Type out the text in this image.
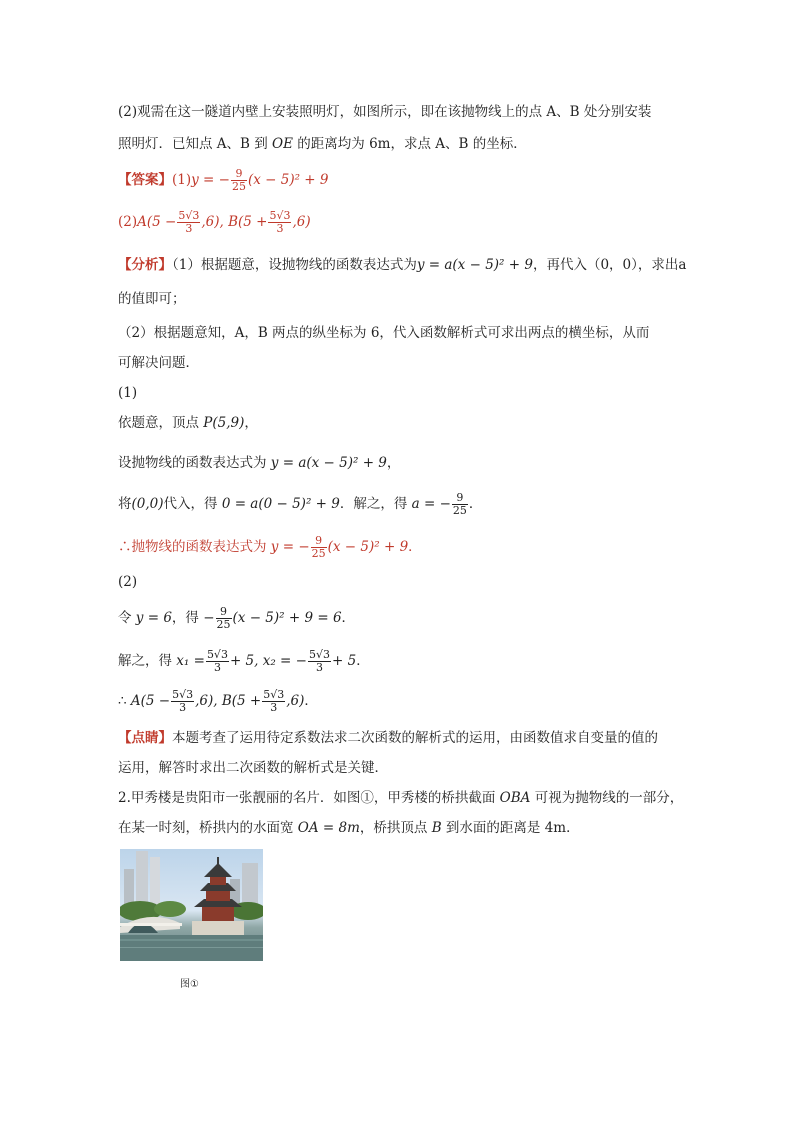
(2)观需在这一隧道内壁上安装照明灯，如图所示，即在该抛物线上的点 A、B 处分别安装
照明灯．已知点 A、B 到 OE 的距离均为 6m，求点 A、B 的坐标．
【答案】(1)y = − $\frac{9}{25} (x - 5)^2 + 9$
$(2)A(5 - \frac{5√3}{3} ,6)$, $B(5 + \frac{5√3}{3} ,6)$
【分析】（1）根据题意，设抛物线的函数表达式为y = a(x − 5)² + 9，再代入（0，0），求出a
的值即可；
（2）根据题意知，A，B 两点的纵坐标为 6，代入函数解析式可求出两点的横坐标，从而
可解决问题．
(1)
依题意，顶点 P(5,9)，
设抛物线的函数表达式为 y = a(x − 5)² + 9，
将(0,0)代入，得 0 = a(0 − 5)² + 9．解之，得 a = − $\frac{9}{25}$ ．
∴抛物线的函数表达式为 y = − $\frac{9}{25} (x - 5)^2 + 9$．
(2)
令 y = 6，得 − $\frac{9}{25} (x - 5)^2 + 9 = 6$．
解之，得 $x_1 = \frac{5√3}{3} + 5$, x₂ = − $\frac{5√3}{3} + 5$．
∴ $A(5 - \frac{5√3}{3} ,6)$, $B(5 + \frac{5√3}{3} ,6)$．
【点睛】本题考查了运用待定系数法求二次函数的解析式的运用，由函数值求自变量的值的
运用，解答时求出二次函数的解析式是关键．
2.甲秀楼是贵阳市一张靓丽的名片．如图①，甲秀楼的桥拱截面 OBA 可视为抛物线的一部分，
在某一时刻，桥拱内的水面宽 OA = 8m，桥拱顶点 B 到水面的距离是 4m．
图①
